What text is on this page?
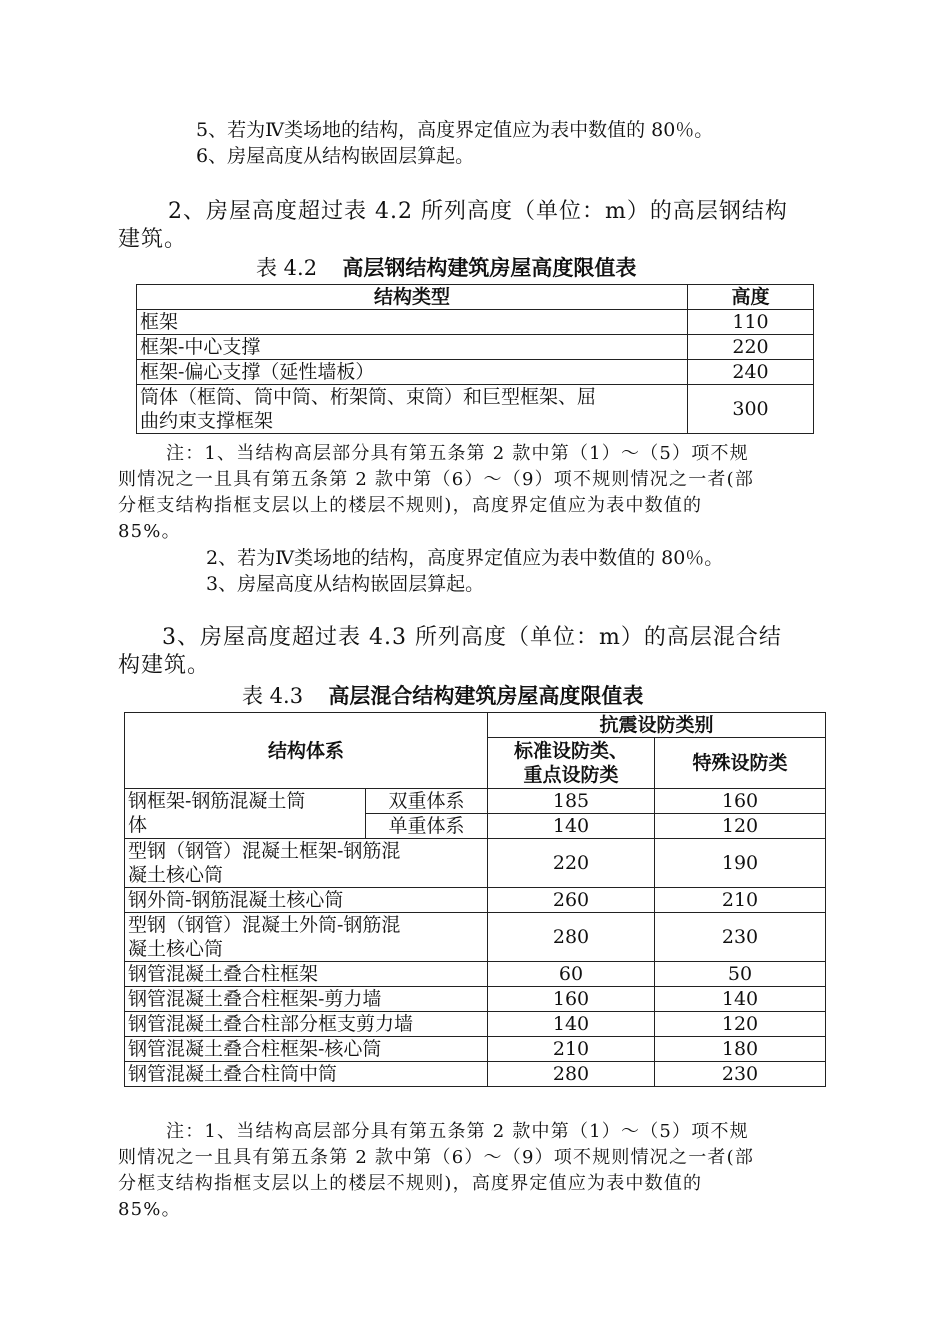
5、若为Ⅳ类场地的结构，高度界定值应为表中数值的 80％。
6、房屋高度从结构嵌固层算起。
2、房屋高度超过表 4.2 所列高度（单位：m）的高层钢结构
建筑。
表 4.2 高层钢结构建筑房屋高度限值表
结构类型	高度
框架	110
框架-中心支撑	220
框架-偏心支撑（延性墙板）	240

筒体（框筒、筒中筒、桁架筒、束筒）和巨型框架、屈
曲约束支撑框架	300
注：1、当结构高层部分具有第五条第 2 款中第（1）～（5）项不规
则情况之一且具有第五条第 2 款中第（6）～（9）项不规则情况之一者(部
分框支结构指框支层以上的楼层不规则)，高度界定值应为表中数值的
85%。
2、若为Ⅳ类场地的结构，高度界定值应为表中数值的 80％。
3、房屋高度从结构嵌固层算起。
3、房屋高度超过表 4.3 所列高度（单位：m）的高层混合结
构建筑。
表 4.3 高层混合结构建筑房屋高度限值表
结构体系		抗震设防类别	

		标准设防类、
重点设防类	特殊设防类

钢框架-钢筋混凝土筒
体	双重体系	185	160
	单重体系	140	120

型钢（钢管）混凝土框架-钢筋混
凝土核心筒		220	190
钢外筒-钢筋混凝土核心筒		260	210

型钢（钢管）混凝土外筒-钢筋混
凝土核心筒		280	230
钢管混凝土叠合柱框架		60	50
钢管混凝土叠合柱框架-剪力墙		160	140
钢管混凝土叠合柱部分框支剪力墙		140	120
钢管混凝土叠合柱框架-核心筒		210	180
钢管混凝土叠合柱筒中筒		280	230
注：1、当结构高层部分具有第五条第 2 款中第（1）～（5）项不规
则情况之一且具有第五条第 2 款中第（6）～（9）项不规则情况之一者(部
分框支结构指框支层以上的楼层不规则)，高度界定值应为表中数值的
85%。
